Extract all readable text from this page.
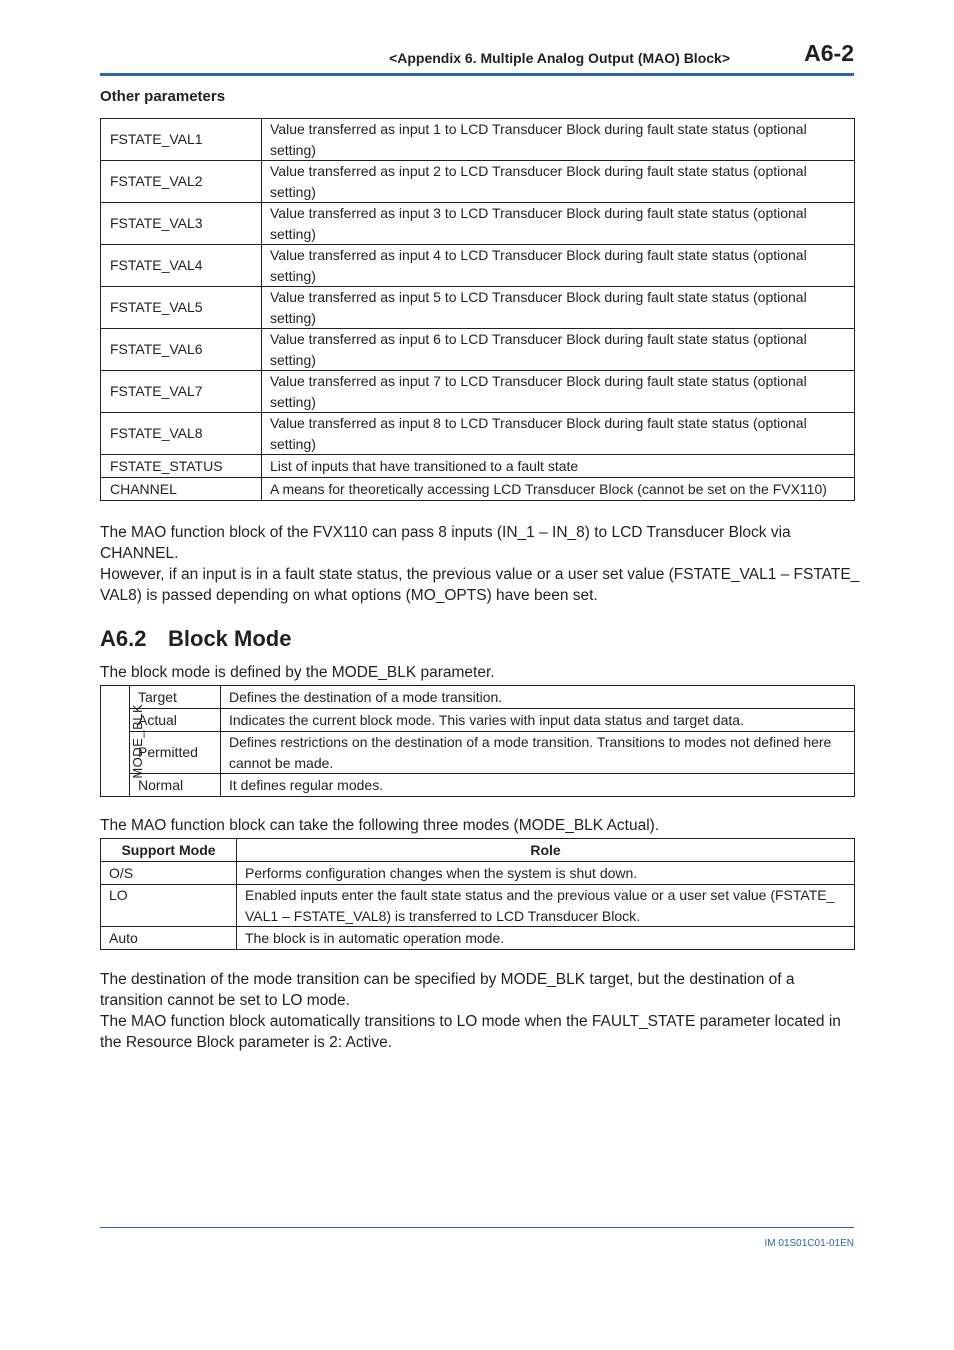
<Appendix 6. Multiple Analog Output (MAO) Block>	A6-2
Other parameters
FSTATE_VAL1	Value transferred as input 1 to LCD Transducer Block during fault state status (optional setting)
FSTATE_VAL2	Value transferred as input 2 to LCD Transducer Block during fault state status (optional setting)
FSTATE_VAL3	Value transferred as input 3 to LCD Transducer Block during fault state status (optional setting)
FSTATE_VAL4	Value transferred as input 4 to LCD Transducer Block during fault state status (optional setting)
FSTATE_VAL5	Value transferred as input 5 to LCD Transducer Block during fault state status (optional setting)
FSTATE_VAL6	Value transferred as input 6 to LCD Transducer Block during fault state status (optional setting)
FSTATE_VAL7	Value transferred as input 7 to LCD Transducer Block during fault state status (optional setting)
FSTATE_VAL8	Value transferred as input 8 to LCD Transducer Block during fault state status (optional setting)
FSTATE_STATUS	List of inputs that have transitioned to a fault state
CHANNEL	A means for theoretically accessing LCD Transducer Block (cannot be set on the FVX110)

The MAO function block of the FVX110 can pass 8 inputs (IN_1 – IN_8) to LCD Transducer Block via CHANNEL.

However, if an input is in a fault state status, the previous value or a user set value (FSTATE_VAL1 – FSTATE_ VAL8) is passed depending on what options (MO_OPTS) have been set.

A6.2 Block Mode

The block mode is defined by the MODE_BLK parameter.

MODE_BLK	Target	Defines the destination of a mode transition.
	Actual	Indicates the current block mode. This varies with input data status and target data.
	Permitted	Defines restrictions on the destination of a mode transition. Transitions to modes not defined here cannot be made.
	Normal	It defines regular modes.

The MAO function block can take the following three modes (MODE_BLK Actual).

Support Mode	Role
O/S	Performs configuration changes when the system is shut down.
LO	Enabled inputs enter the fault state status and the previous value or a user set value (FSTATE_ VAL1 – FSTATE_VAL8) is transferred to LCD Transducer Block.
Auto	The block is in automatic operation mode.

The destination of the mode transition can be specified by MODE_BLK target, but the destination of a transition cannot be set to LO mode.

The MAO function block automatically transitions to LO mode when the FAULT_STATE parameter located in the Resource Block parameter is 2: Active.

IM 01S01C01-01EN
